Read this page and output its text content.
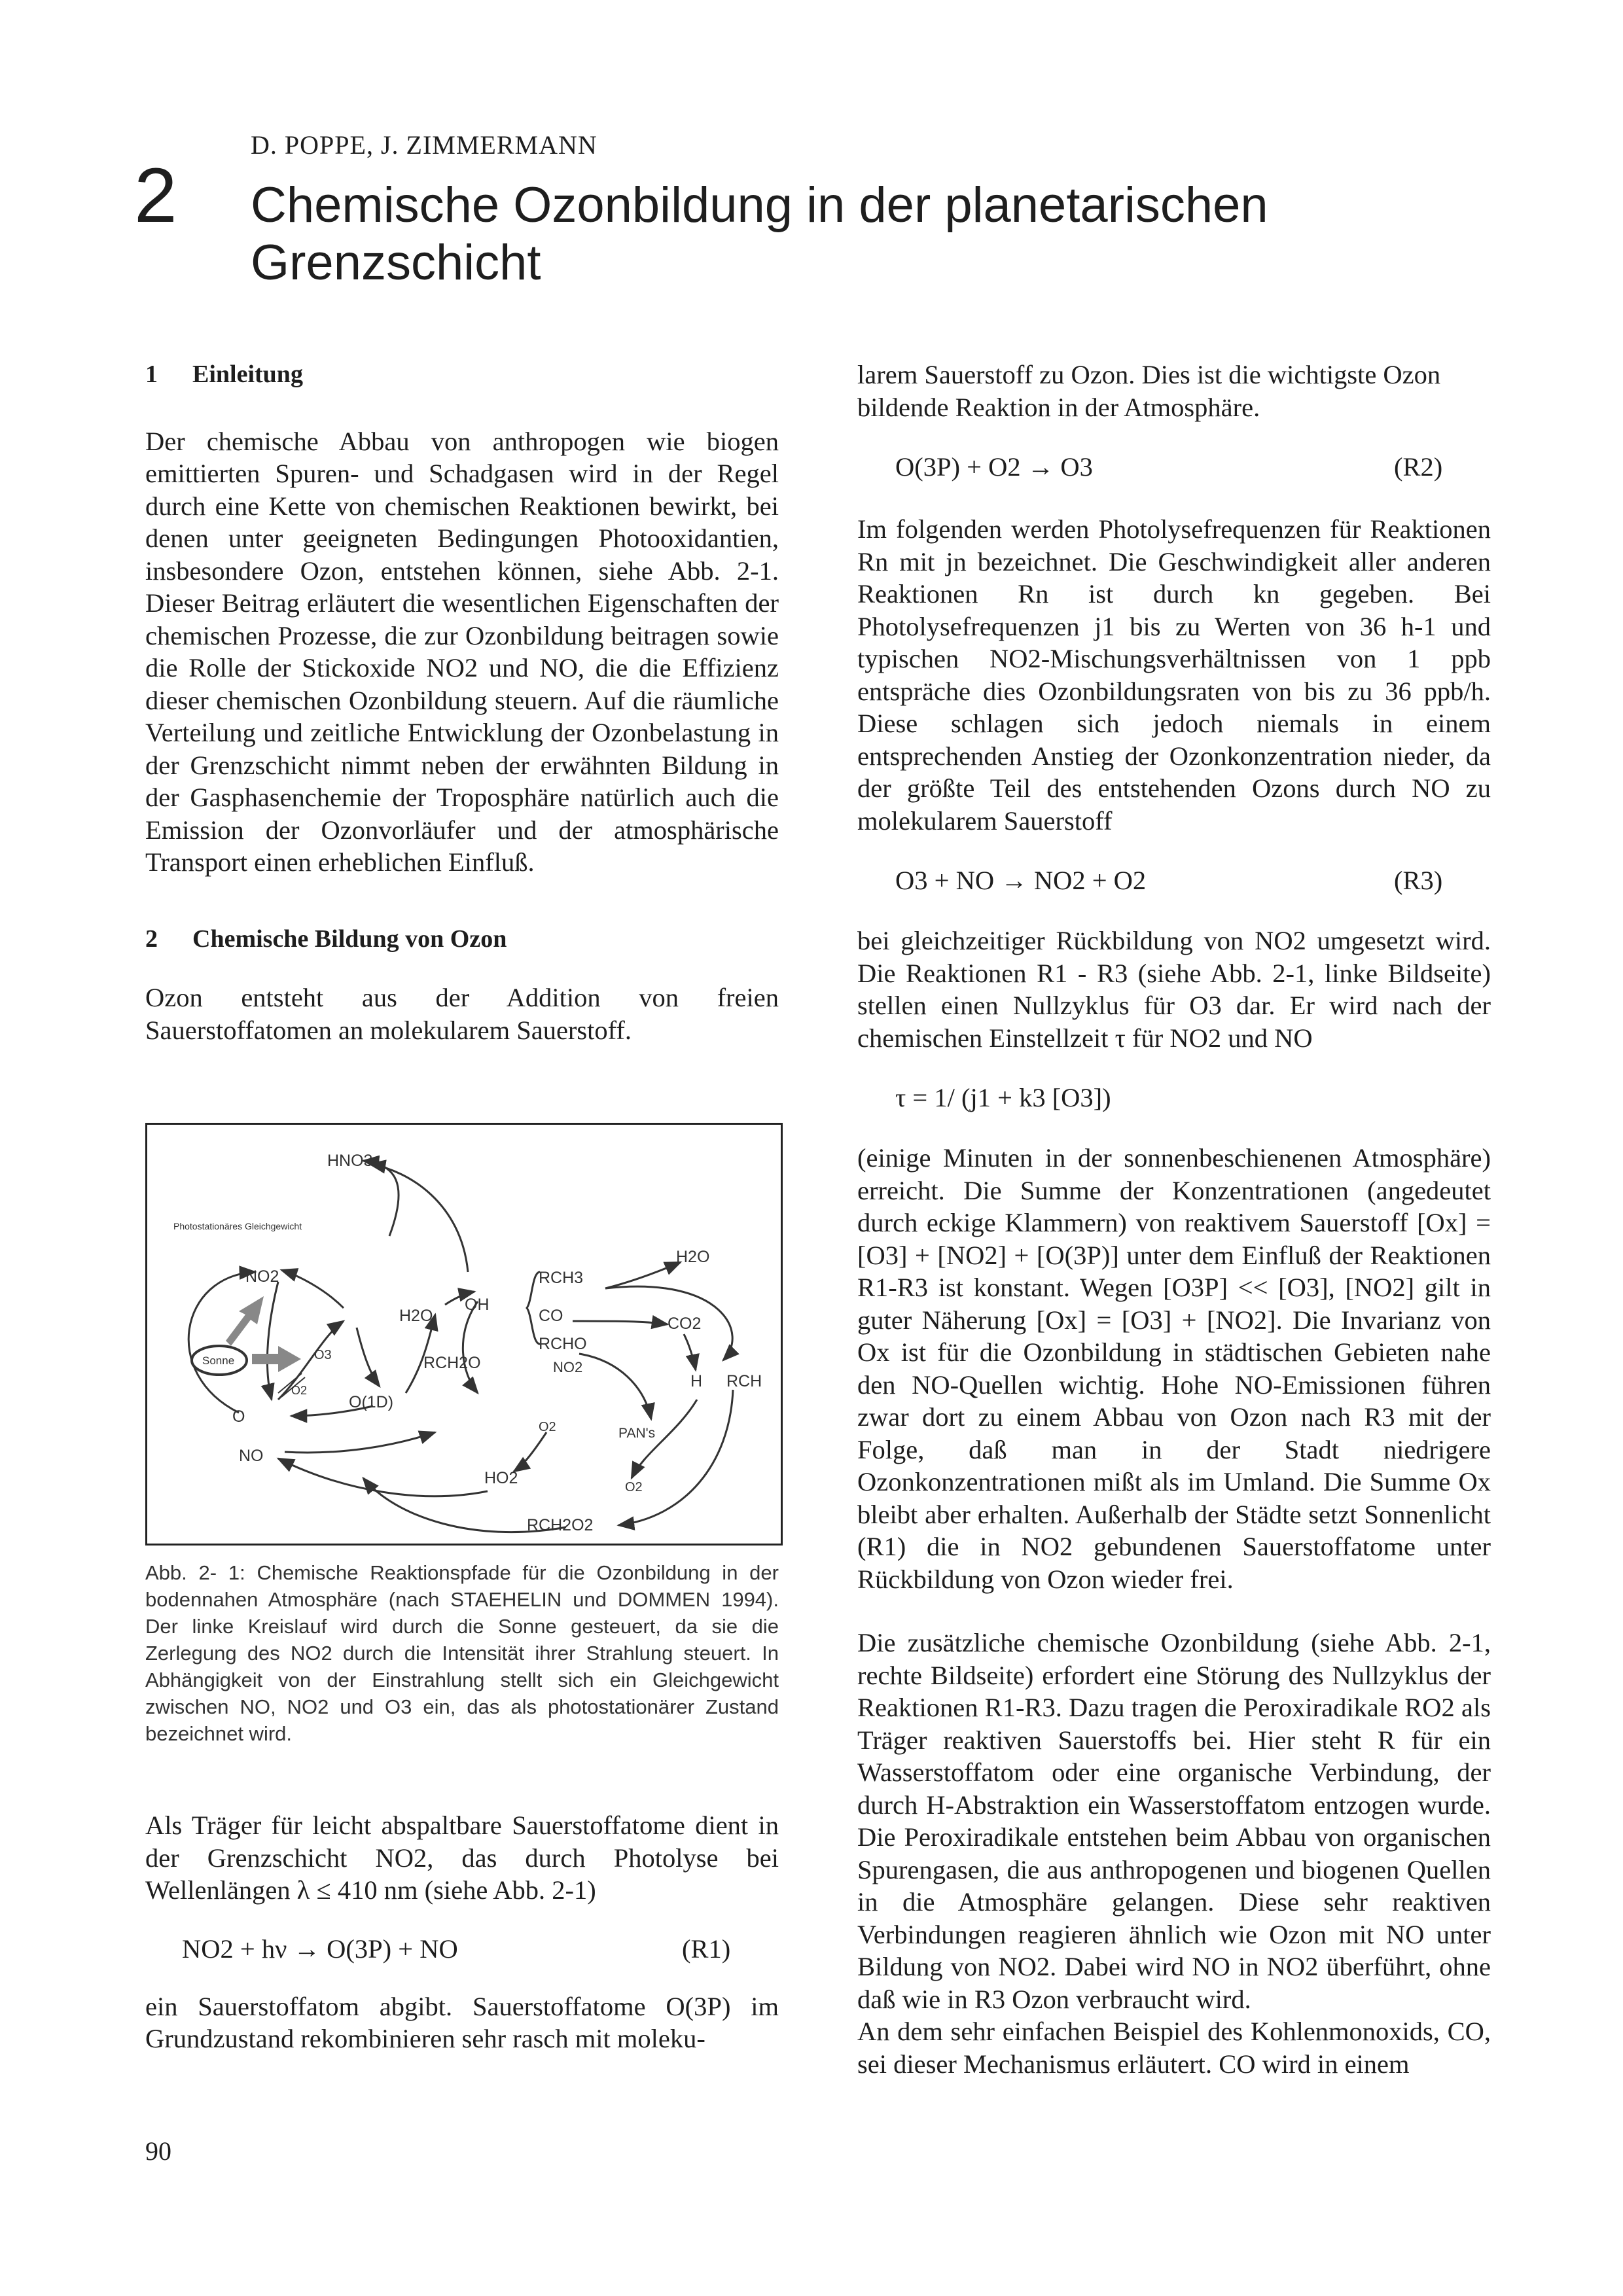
2
D. POPPE, J. ZIMMERMANN
Chemische Ozonbildung in der planetarischen
Grenzschicht
1 Einleitung

Der chemische Abbau von anthropogen wie biogen emittierten Spuren- und Schadgasen wird in der Regel durch eine Kette von chemischen Reaktionen bewirkt, bei denen unter geeigneten Bedingungen Photooxidantien, insbesondere Ozon, entstehen können, siehe Abb. 2-1. Dieser Beitrag erläutert die wesentlichen Eigenschaften der chemischen Prozesse, die zur Ozonbildung beitragen sowie die Rolle der Stickoxide NO2 und NO, die die Effizienz dieser chemischen Ozonbildung steuern. Auf die räumliche Verteilung und zeitliche Entwicklung der Ozonbelastung in der Grenzschicht nimmt neben der erwähnten Bildung in der Gasphasenchemie der Troposphäre natürlich auch die Emission der Ozonvorläufer und der atmosphärische Transport einen erheblichen Einfluß.

2 Chemische Bildung von Ozon

Ozon entsteht aus der Addition von freien Sauerstoffatomen an molekularem Sauerstoff.

Photostationäres Gleichgewicht
Sonne
HNO3
NO2
O3
O2
O
NO
O(1D)
H2O
OH
RCH3
CO
RCHO
RCH2O	NO2
H2O
CO2
H RCH
PAN's
O2
HO2	O2
RCH2O2
Abb. 2- 1: Chemische Reaktionspfade für die Ozonbildung in der bodennahen Atmosphäre (nach STAEHELIN und DOMMEN 1994). Der linke Kreislauf wird durch die Sonne gesteuert, da sie die Zerlegung des NO2 durch die Intensität ihrer Strahlung steuert. In Abhängigkeit von der Einstrahlung stellt sich ein Gleichgewicht zwischen NO, NO2 und O3 ein, das als photostationärer Zustand bezeichnet wird.

Als Träger für leicht abspaltbare Sauerstoffatome dient in der Grenzschicht NO2, das durch Photolyse bei Wellenlängen λ ≤ 410 nm (siehe Abb. 2-1)

NO2 + hν → O(3P) + NO	(R1)

ein Sauerstoffatom abgibt. Sauerstoffatome O(3P) im Grundzustand rekombinieren sehr rasch mit moleku-

larem Sauerstoff zu Ozon. Dies ist die wichtigste Ozon bildende Reaktion in der Atmosphäre.

O(3P) + O2 → O3	(R2)

Im folgenden werden Photolysefrequenzen für Reaktionen Rn mit jn bezeichnet. Die Geschwindigkeit aller anderen Reaktionen Rn ist durch kn gegeben. Bei Photolysefrequenzen j1 bis zu Werten von 36 h-1 und typischen NO2-Mischungsverhältnissen von 1 ppb entspräche dies Ozonbildungsraten von bis zu 36 ppb/h. Diese schlagen sich jedoch niemals in einem entsprechenden Anstieg der Ozonkonzentration nieder, da der größte Teil des entstehenden Ozons durch NO zu molekularem Sauerstoff

O3 + NO → NO2 + O2	(R3)

bei gleichzeitiger Rückbildung von NO2 umgesetzt wird. Die Reaktionen R1 - R3 (siehe Abb. 2-1, linke Bildseite) stellen einen Nullzyklus für O3 dar. Er wird nach der chemischen Einstellzeit τ für NO2 und NO

τ = 1/ (j1 + k3 [O3])

(einige Minuten in der sonnenbeschienenen Atmosphäre) erreicht. Die Summe der Konzentrationen (angedeutet durch eckige Klammern) von reaktivem Sauerstoff [Ox] = [O3] + [NO2] + [O(3P)] unter dem Einfluß der Reaktionen R1-R3 ist konstant. Wegen [O3P] << [O3], [NO2] gilt in guter Näherung [Ox] = [O3] + [NO2]. Die Invarianz von Ox ist für die Ozonbildung in städtischen Gebieten nahe den NO-Quellen wichtig. Hohe NO-Emissionen führen zwar dort zu einem Abbau von Ozon nach R3 mit der Folge, daß man in der Stadt niedrigere Ozonkonzentrationen mißt als im Umland. Die Summe Ox bleibt aber erhalten. Außerhalb der Städte setzt Sonnenlicht (R1) die in NO2 gebundenen Sauerstoffatome unter Rückbildung von Ozon wieder frei.

Die zusätzliche chemische Ozonbildung (siehe Abb. 2-1, rechte Bildseite) erfordert eine Störung des Nullzyklus der Reaktionen R1-R3. Dazu tragen die Peroxiradikale RO2 als Träger reaktiven Sauerstoffs bei. Hier steht R für ein Wasserstoffatom oder eine organische Verbindung, der durch H-Abstraktion ein Wasserstoffatom entzogen wurde. Die Peroxiradikale entstehen beim Abbau von organischen Spurengasen, die aus anthropogenen und biogenen Quellen in die Atmosphäre gelangen. Diese sehr reaktiven Verbindungen reagieren ähnlich wie Ozon mit NO unter Bildung von NO2. Dabei wird NO in NO2 überführt, ohne daß wie in R3 Ozon verbraucht wird.

An dem sehr einfachen Beispiel des Kohlenmonoxids, CO, sei dieser Mechanismus erläutert. CO wird in einem

90
